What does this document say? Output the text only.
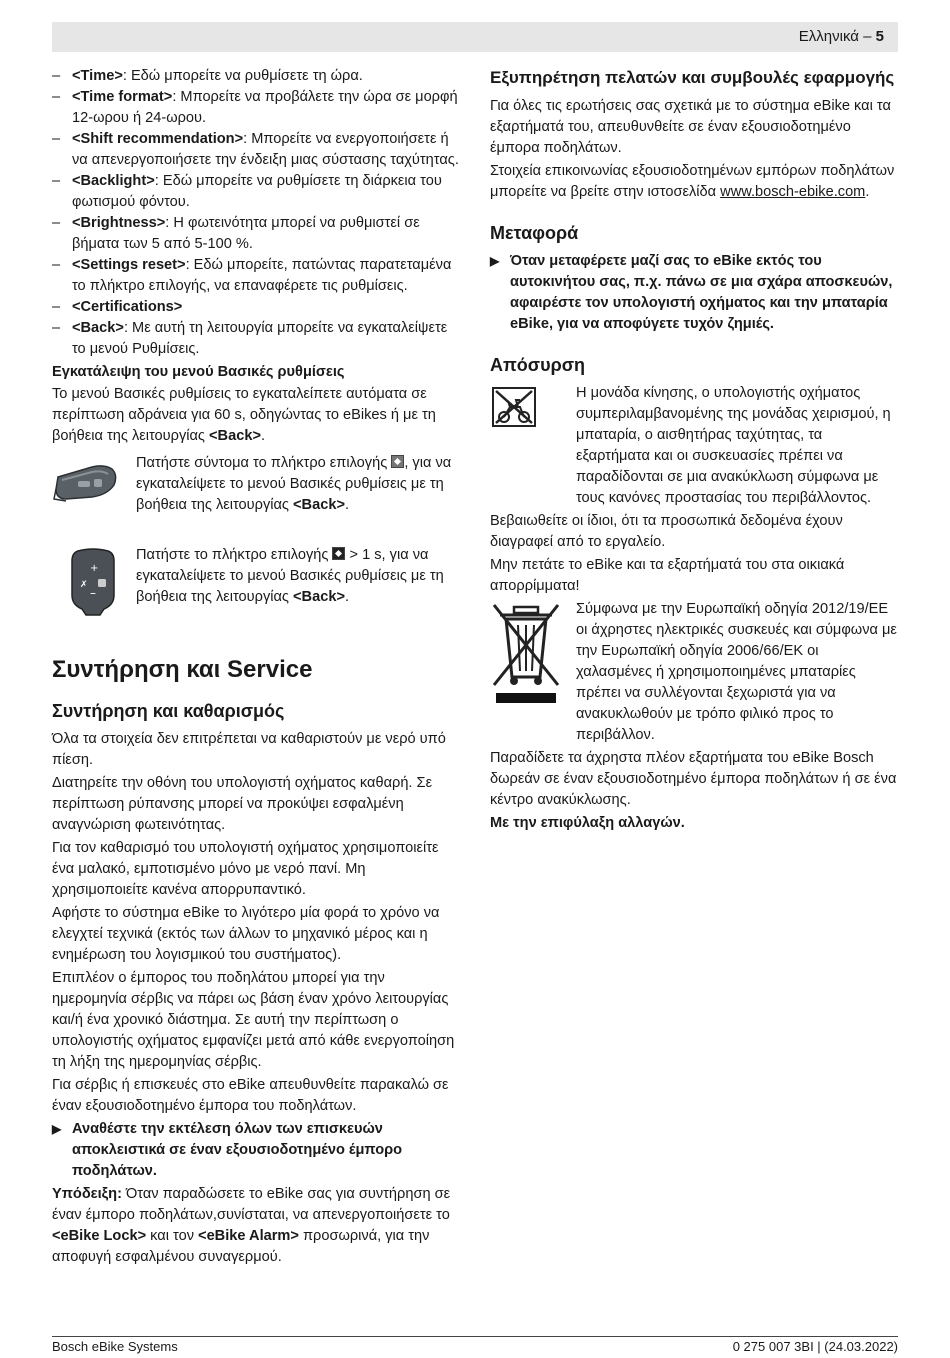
Ελληνικά – 5
– <Time>: Εδώ μπορείτε να ρυθμίσετε τη ώρα.
– <Time format>: Μπορείτε να προβάλετε την ώρα σε μορφή 12-ωρου ή 24-ωρου.
– <Shift recommendation>: Μπορείτε να ενεργοποιήσετε ή να απενεργοποιήσετε την ένδειξη μιας σύστασης ταχύτητας.
– <Backlight>: Εδώ μπορείτε να ρυθμίσετε τη διάρκεια του φωτισμού φόντου.
– <Brightness>: Η φωτεινότητα μπορεί να ρυθμιστεί σε βήματα των 5 από 5-100 %.
– <Settings reset>: Εδώ μπορείτε, πατώντας παρατεταμένα το πλήκτρο επιλογής, να επαναφέρετε τις ρυθμίσεις.
– <Certifications>
– <Back>: Με αυτή τη λειτουργία μπορείτε να εγκαταλείψετε το μενού Ρυθμίσεις.
Εγκατάλειψη του μενού Βασικές ρυθμίσεις

Το μενού Βασικές ρυθμίσεις το εγκαταλείπετε αυτόματα σε περίπτωση αδράνεια για 60 s, οδηγώντας το eBikes ή με τη βοήθεια της λειτουργίας <Back>.

Πατήστε σύντομα το πλήκτρο επιλογής , για να εγκαταλείψετε το μενού Βασικές ρυθμίσεις με τη βοήθεια της λειτουργίας <Back>.

+
✗
–

Πατήστε το πλήκτρο επιλογής  > 1 s, για να εγκαταλείψετε το μενού Βασικές ρυθμίσεις με τη βοήθεια της λειτουργίας <Back>.

Συντήρηση και Service
Συντήρηση και καθαρισμός

Όλα τα στοιχεία δεν επιτρέπεται να καθαριστούν με νερό υπό πίεση.

Διατηρείτε την οθόνη του υπολογιστή οχήματος καθαρή. Σε περίπτωση ρύπανσης μπορεί να προκύψει εσφαλμένη αναγνώριση φωτεινότητας.

Για τον καθαρισμό του υπολογιστή οχήματος χρησιμοποιείτε ένα μαλακό, εμποτισμένο μόνο με νερό πανί. Μη χρησιμοποιείτε κανένα απορρυπαντικό.

Αφήστε το σύστημα eBike το λιγότερο μία φορά το χρόνο να ελεγχτεί τεχνικά (εκτός των άλλων το μηχανικό μέρος και η ενημέρωση του λογισμικού του συστήματος).

Επιπλέον ο έμπορος του ποδηλάτου μπορεί για την ημερομηνία σέρβις να πάρει ως βάση έναν χρόνο λειτουργίας και/ή ένα χρονικό διάστημα. Σε αυτή την περίπτωση ο υπολογιστής οχήματος εμφανίζει μετά από κάθε ενεργοποίηση τη λήξη της ημερομηνίας σέρβις.

Για σέρβις ή επισκευές στο eBike απευθυνθείτε παρακαλώ σε έναν εξουσιοδοτημένο έμπορα του ποδηλάτων.

▶ Αναθέστε την εκτέλεση όλων των επισκευών αποκλειστικά σε έναν εξουσιοδοτημένο έμπορο ποδηλάτων.

Υπόδειξη: Όταν παραδώσετε το eBike σας για συντήρηση σε έναν έμπορο ποδηλάτων,συνίσταται, να απενεργοποιήσετε το <eBike Lock> και τον <eBike Alarm> προσωρινά, για την αποφυγή εσφαλμένου συναγερμού.

Εξυπηρέτηση πελατών και συμβουλές εφαρμογής

Για όλες τις ερωτήσεις σας σχετικά με το σύστημα eBike και τα εξαρτήματά του, απευθυνθείτε σε έναν εξουσιοδοτημένο έμπορα ποδηλάτων.

Στοιχεία επικοινωνίας εξουσιοδοτημένων εμπόρων ποδηλάτων μπορείτε να βρείτε στην ιστοσελίδα www.bosch-ebike.com.

Μεταφορά
▶ Όταν μεταφέρετε μαζί σας το eBike εκτός του αυτοκινήτου σας, π.χ. πάνω σε μια σχάρα αποσκευών, αφαιρέστε τον υπολογιστή οχήματος και την μπαταρία eBike, για να αποφύγετε τυχόν ζημιές.
Απόσυρση

Η μονάδα κίνησης, ο υπολογιστής οχήματος συμπεριλαμβανομένης της μονάδας χειρισμού, η μπαταρία, ο αισθητήρας ταχύτητας, τα εξαρτήματα και οι συσκευασίες πρέπει να παραδίδονται σε μια ανακύκλωση σύμφωνα με τους κανόνες προστασίας του περιβάλλοντος.

Βεβαιωθείτε οι ίδιοι, ότι τα προσωπικά δεδομένα έχουν διαγραφεί από το εργαλείο.

Μην πετάτε το eBike και τα εξαρτήματά του στα οικιακά απορρίμματα!

Σύμφωνα με την Ευρωπαϊκή οδηγία 2012/19/ΕΕ οι άχρηστες ηλεκτρικές συσκευές και σύμφωνα με την Ευρωπαϊκή οδηγία 2006/66/ΕΚ οι χαλασμένες ή χρησιμοποιημένες μπαταρίες πρέπει να συλλέγονται ξεχωριστά για να ανακυκλωθούν με τρόπο φιλικό προς το περιβάλλον.

Παραδίδετε τα άχρηστα πλέον εξαρτήματα του eBike Bosch δωρεάν σε έναν εξουσιοδοτημένο έμπορα ποδηλάτων ή σε ένα κέντρο ανακύκλωσης.

Με την επιφύλαξη αλλαγών.

Bosch eBike Systems	0 275 007 3BI | (24.03.2022)
